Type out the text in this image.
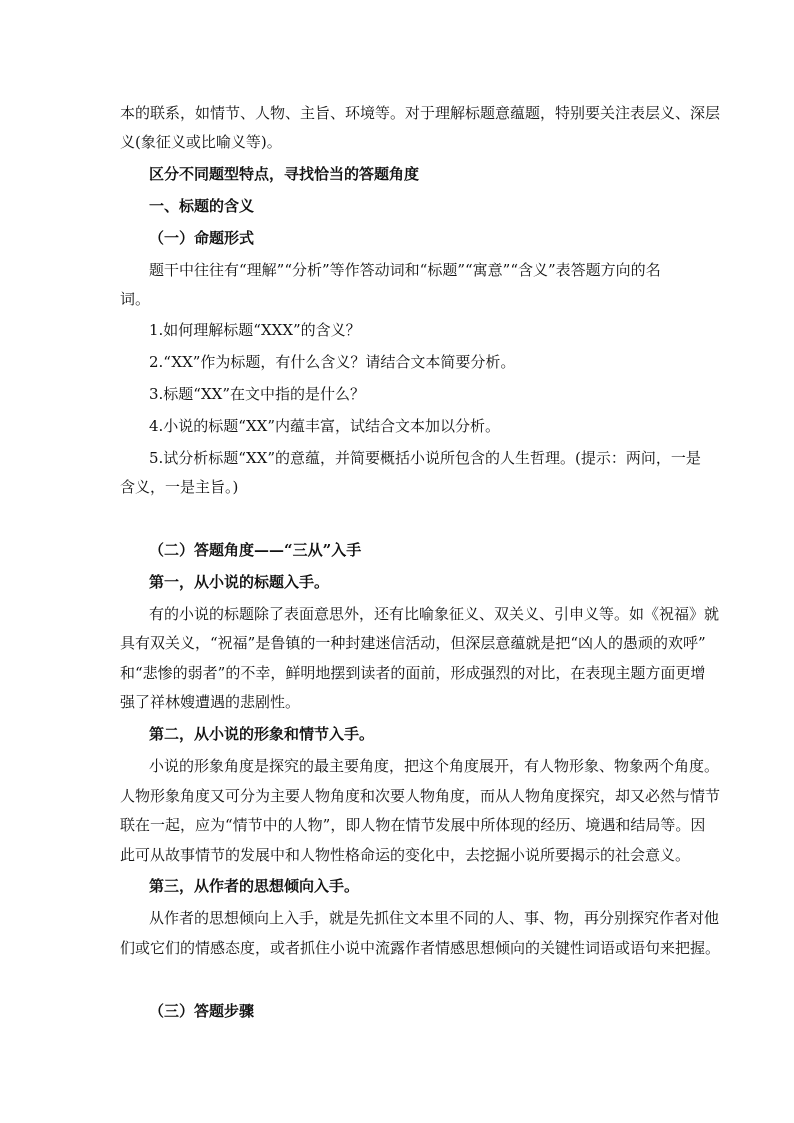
本的联系，如情节、人物、主旨、环境等。对于理解标题意蕴题，特别要关注表层义、深层
义(象征义或比喻义等)。
区分不同题型特点，寻找恰当的答题角度
一、标题的含义
（一）命题形式
题干中往往有“理解”“分析”等作答动词和“标题”“寓意”“含义”表答题方向的名
词。
1.如何理解标题“XXX”的含义？
2.“XX”作为标题，有什么含义？请结合文本简要分析。
3.标题“XX”在文中指的是什么？
4.小说的标题“XX”内蕴丰富，试结合文本加以分析。
5.试分析标题“XX”的意蕴，并简要概括小说所包含的人生哲理。(提示：两问，一是
含义，一是主旨。)
（二）答题角度——“三从”入手
第一，从小说的标题入手。
有的小说的标题除了表面意思外，还有比喻象征义、双关义、引申义等。如《祝福》就
具有双关义，“祝福”是鲁镇的一种封建迷信活动，但深层意蕴就是把“凶人的愚顽的欢呼”
和“悲惨的弱者”的不幸，鲜明地摆到读者的面前，形成强烈的对比，在表现主题方面更增
强了祥林嫂遭遇的悲剧性。
第二，从小说的形象和情节入手。
小说的形象角度是探究的最主要角度，把这个角度展开，有人物形象、物象两个角度。
人物形象角度又可分为主要人物角度和次要人物角度，而从人物角度探究，却又必然与情节
联在一起，应为“情节中的人物”，即人物在情节发展中所体现的经历、境遇和结局等。因
此可从故事情节的发展中和人物性格命运的变化中，去挖掘小说所要揭示的社会意义。
第三，从作者的思想倾向入手。
从作者的思想倾向上入手，就是先抓住文本里不同的人、事、物，再分别探究作者对他
们或它们的情感态度，或者抓住小说中流露作者情感思想倾向的关键性词语或语句来把握。
（三）答题步骤
